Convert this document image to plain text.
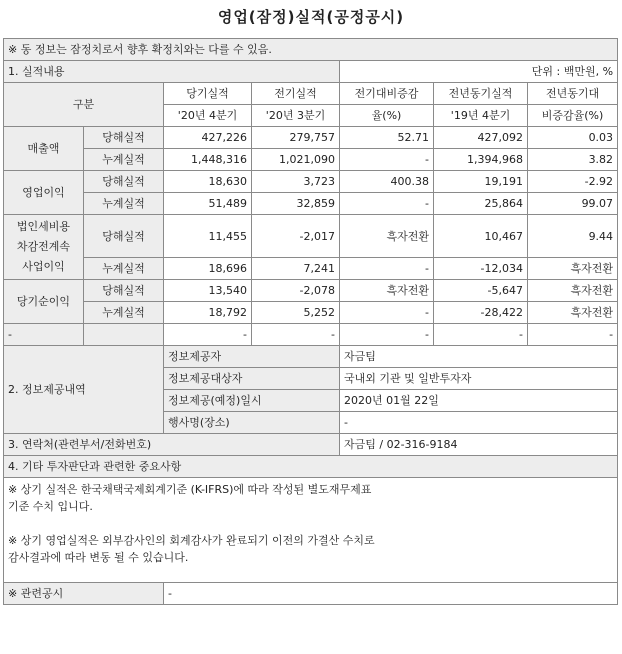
영업(잠정)실적(공정공시)
※ 동 정보는 잠정치로서 향후 확정치와는 다를 수 있음.						
1. 실적내용				단위 : 백만원, %		
구분		당기실적	전기실적	전기대비증감	전년동기실적	전년동기대
		'20년 4분기	'20년 3분기	율(%)	'19년 4분기	비증감율(%)
매출액	당해실적	427,226	279,757	52.71	427,092	0.03
	누계실적	1,448,316	1,021,090	-	1,394,968	3.82
영업이익	당해실적	18,630	3,723	400.38	19,191	-2.92
	누계실적	51,489	32,859	-	25,864	99.07
법인세비용
차감전계속
사업이익	당해실적	11,455	-2,017	흑자전환	10,467	9.44
	누계실적	18,696	7,241	-	-12,034	흑자전환
당기순이익	당해실적	13,540	-2,078	흑자전환	-5,647	흑자전환
	누계실적	18,792	5,252	-	-28,422	흑자전환
-		-	-	-	-	-
2. 정보제공내역		정보제공자		자금팀		
		정보제공대상자		국내외 기관 및 일반투자자		
		정보제공(예정)일시		2020년 01월 22일		
		행사명(장소)		-		
3. 연락처(관련부서/전화번호)				자금팀 / 02-316-9184		
4. 기타 투자판단과 관련한 중요사항						
※ 상기 실적은 한국채택국제회계기준 (K-IFRS)에 따라 작성된 별도재무제표
기준 수치 입니다.

※ 상기 영업실적은 외부감사인의 회계감사가 완료되기 이전의 가결산 수치로
감사결과에 따라 변동 될 수 있습니다.						
※ 관련공시		-				
